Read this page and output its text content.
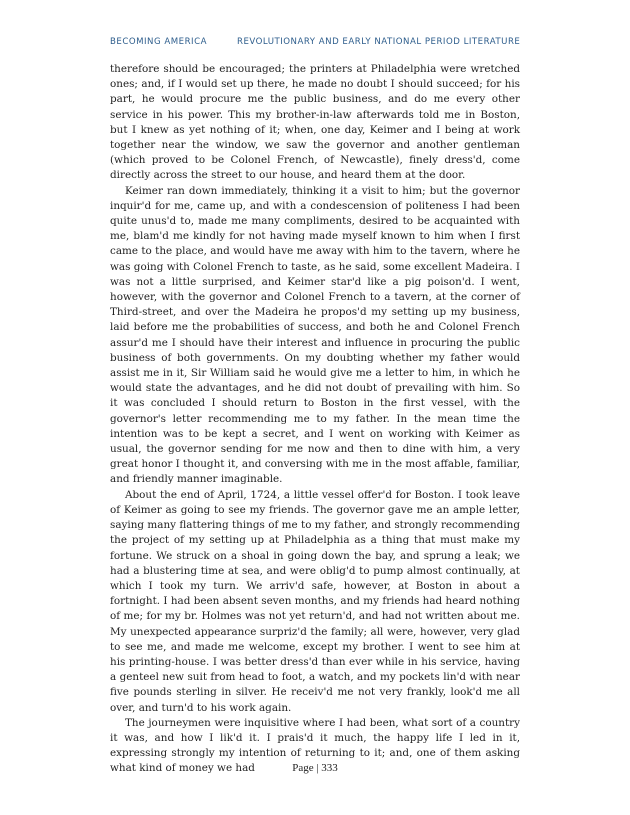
BECOMING AMERICA	REVOLUTIONARY AND EARLY NATIONAL PERIOD LITERATURE

therefore should be encouraged; the printers at Philadelphia were wretched ones; and, if I would set up there, he made no doubt I should succeed; for his part, he would procure me the public business, and do me every other service in his power. This my brother-in-law afterwards told me in Boston, but I knew as yet nothing of it; when, one day, Keimer and I being at work together near the window, we saw the governor and another gentleman (which proved to be Colonel French, of Newcastle), finely dress'd, come directly across the street to our house, and heard them at the door.

Keimer ran down immediately, thinking it a visit to him; but the governor inquir'd for me, came up, and with a condescension of politeness I had been quite unus'd to, made me many compliments, desired to be acquainted with me, blam'd me kindly for not having made myself known to him when I first came to the place, and would have me away with him to the tavern, where he was going with Colonel French to taste, as he said, some excellent Madeira. I was not a little surprised, and Keimer star'd like a pig poison'd. I went, however, with the governor and Colonel French to a tavern, at the corner of Third-street, and over the Madeira he propos'd my setting up my business, laid before me the probabilities of success, and both he and Colonel French assur'd me I should have their interest and influence in procuring the public business of both governments. On my doubting whether my father would assist me in it, Sir William said he would give me a letter to him, in which he would state the advantages, and he did not doubt of prevailing with him. So it was concluded I should return to Boston in the first vessel, with the governor's letter recommending me to my father. In the mean time the intention was to be kept a secret, and I went on working with Keimer as usual, the governor sending for me now and then to dine with him, a very great honor I thought it, and conversing with me in the most affable, familiar, and friendly manner imaginable.

About the end of April, 1724, a little vessel offer'd for Boston. I took leave of Keimer as going to see my friends. The governor gave me an ample letter, saying many flattering things of me to my father, and strongly recommending the project of my setting up at Philadelphia as a thing that must make my fortune. We struck on a shoal in going down the bay, and sprung a leak; we had a blustering time at sea, and were oblig'd to pump almost continually, at which I took my turn. We arriv'd safe, however, at Boston in about a fortnight. I had been absent seven months, and my friends had heard nothing of me; for my br. Holmes was not yet return'd, and had not written about me. My unexpected appearance surpriz'd the family; all were, however, very glad to see me, and made me welcome, except my brother. I went to see him at his printing-house. I was better dress'd than ever while in his service, having a genteel new suit from head to foot, a watch, and my pockets lin'd with near five pounds sterling in silver. He receiv'd me not very frankly, look'd me all over, and turn'd to his work again.

The journeymen were inquisitive where I had been, what sort of a country it was, and how I lik'd it. I prais'd it much, the happy life I led in it, expressing strongly my intention of returning to it; and, one of them asking what kind of money we had	Page | 333
